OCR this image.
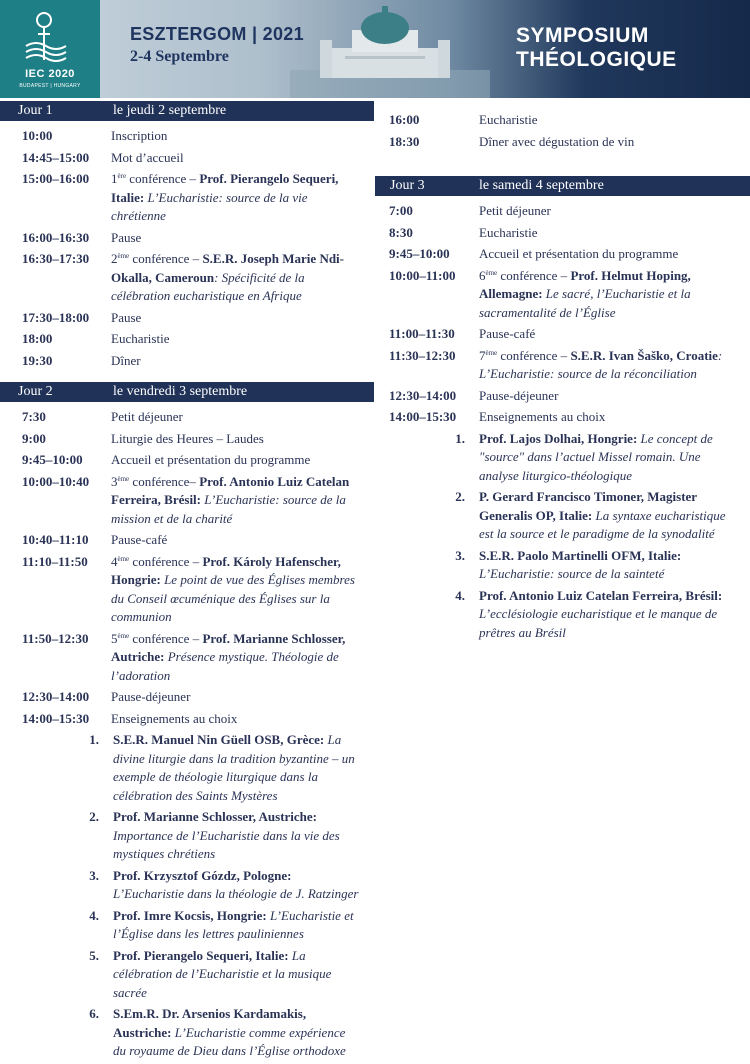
IEC 2020
BUDAPEST | HUNGARY
ESZTERGOM | 2021
2-4 Septembre
SYMPOSIUM
THÉOLOGIQUE
Jour 1	le jeudi 2 septembre
10:00	Inscription
14:45–15:00	Mot d’accueil
15:00–16:00	1ère conférence – Prof. Pierangelo Sequeri, Italie: L’Eucharistie: source de la vie chrétienne
16:00–16:30	Pause
16:30–17:30	2ème conférence – S.E.R. Joseph Marie Ndi-Okalla, Cameroun: Spécificité de la célébration eucharistique en Afrique
17:30–18:00	Pause
18:00	Eucharistie
19:30	Dîner
Jour 2	le vendredi 3 septembre
7:30	Petit déjeuner
9:00	Liturgie des Heures – Laudes
9:45–10:00	Accueil et présentation du programme
10:00–10:40	3ème conférence– Prof. Antonio Luiz Catelan Ferreira, Brésil: L’Eucharistie: source de la mission et de la charité
10:40–11:10	Pause-café
11:10–11:50	4ème conférence – Prof. Károly Hafenscher, Hongrie: Le point de vue des Églises membres du Conseil œcuménique des Églises sur la communion
11:50–12:30	5ème conférence – Prof. Marianne Schlosser, Autriche: Présence mystique. Théologie de l’adoration
12:30–14:00	Pause-déjeuner
14:00–15:30	Enseignements au choix
1.	S.E.R. Manuel Nin Güell OSB, Grèce: La divine liturgie dans la tradition byzantine – un exemple de théologie liturgique dans la célébration des Saints Mystères
2.	Prof. Marianne Schlosser, Austriche: Importance de l’Eucharistie dans la vie des mystiques chrétiens
3.	Prof. Krzysztof Gózdz, Pologne: L’Eucharistie dans la théologie de J. Ratzinger
4.	Prof. Imre Kocsis, Hongrie: L’Eucharistie et l’Église dans les lettres pauliniennes
5.	Prof. Pierangelo Sequeri, Italie: La célébration de l’Eucharistie et la musique sacrée
6.	S.Em.R. Dr. Arsenios Kardamakis, Austriche: L’Eucharistie comme expérience du royaume de Dieu dans l’Église orthodoxe
16:00	Eucharistie
18:30	Dîner avec dégustation de vin
Jour 3	le samedi 4 septembre
7:00	Petit déjeuner
8:30	Eucharistie
9:45–10:00	Accueil et présentation du programme
10:00–11:00	6ème conférence – Prof. Helmut Hoping, Allemagne: Le sacré, l’Eucharistie et la sacramentalité de l’Église
11:00–11:30	Pause-café
11:30–12:30	7ème conférence – S.E.R. Ivan Šaško, Croatie: L’Eucharistie: source de la réconciliation
12:30–14:00	Pause-déjeuner
14:00–15:30	Enseignements au choix
1.	Prof. Lajos Dolhai, Hongrie: Le concept de "source" dans l’actuel Missel romain. Une analyse liturgico-théologique
2.	P. Gerard Francisco Timoner, Magister Generalis OP, Italie: La syntaxe eucharistique est la source et le paradigme de la synodalité
3.	S.E.R. Paolo Martinelli OFM, Italie: L’Eucharistie: source de la sainteté
4.	Prof. Antonio Luiz Catelan Ferreira, Brésil: L’ecclésiologie eucharistique et le manque de prêtres au Brésil
